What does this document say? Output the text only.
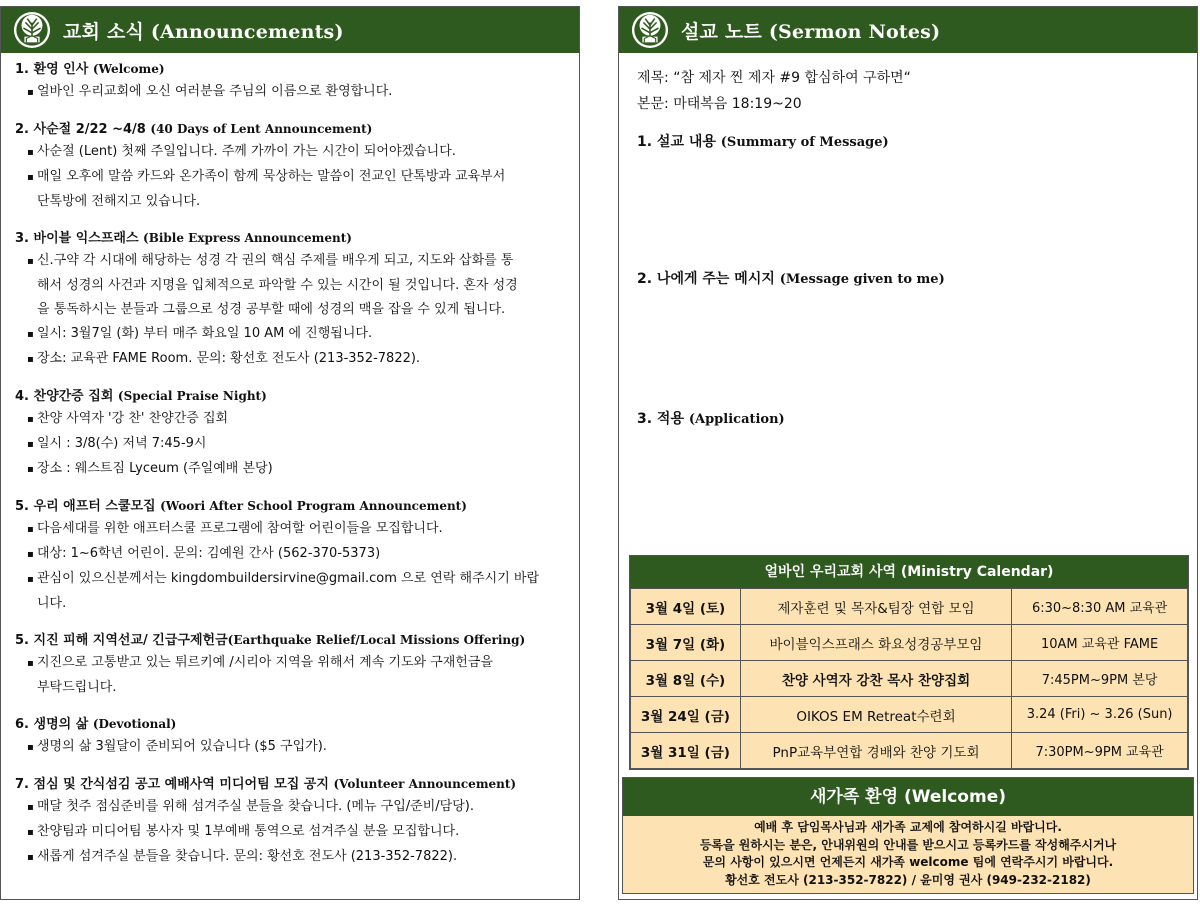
교회 소식 (Announcements)
1. 환영 인사 (Welcome)
▪ 얼바인 우리교회에 오신 여러분을 주님의 이름으로 환영합니다.
2. 사순절 2/22 ~4/8 (40 Days of Lent Announcement)
▪ 사순절 (Lent) 첫째 주일입니다. 주께 가까이 가는 시간이 되어야겠습니다.
▪ 매일 오후에 말씀 카드와 온가족이 함께 묵상하는 말씀이 전교인 단톡방과 교육부서 단톡방에 전해지고 있습니다.
3. 바이블 익스프래스 (Bible Express Announcement)
▪ 신.구약 각 시대에 해당하는 성경 각 권의 핵심 주제를 배우게 되고, 지도와 삽화를 통해서 성경의 사건과 지명을 입체적으로 파악할 수 있는 시간이 될 것입니다. 혼자 성경을 통독하시는 분들과 그룹으로 성경 공부할 때에 성경의 맥을 잡을 수 있게 됩니다.
▪ 일시: 3월7일 (화) 부터 매주 화요일 10 AM 에 진행됩니다.
▪ 장소: 교육관 FAME Room. 문의: 황선호 전도사 (213-352-7822).
4. 찬양간증 집회 (Special Praise Night)
▪ 찬양 사역자 '강 찬' 찬양간증 집회
▪ 일시 : 3/8(수) 저녁 7:45-9시
▪ 장소 : 웨스트짐 Lyceum (주일예배 본당)
5. 우리 애프터 스쿨모집 (Woori After School Program Announcement)
▪ 다음세대를 위한 애프터스쿨 프로그램에 참여할 어린이들을 모집합니다.
▪ 대상: 1~6학년 어린이. 문의: 김예원 간사 (562-370-5373)
▪ 관심이 있으신분께서는 kingdombuildersirvine@gmail.com 으로 연락 해주시기 바랍니다.
5. 지진 피해 지역선교/ 긴급구제헌금(Earthquake Relief/Local Missions Offering)
▪ 지진으로 고통받고 있는 튀르키예 /시리아 지역을 위해서 계속 기도와 구재헌금을 부탁드립니다.
6. 생명의 삶 (Devotional)
▪ 생명의 삶 3월달이 준비되어 있습니다 ($5 구입가).
7. 점심 및 간식섬김 공고 예배사역 미디어팀 모집 공지 (Volunteer Announcement)
▪ 매달 첫주 점심준비를 위해 섬겨주실 분들을 찾습니다. (메뉴 구입/준비/담당).
▪ 찬양팀과 미디어팀 봉사자 및 1부예배 통역으로 섬겨주실 분을 모집합니다.
▪ 새롭게 섬겨주실 분들을 찾습니다. 문의: 황선호 전도사 (213-352-7822).
설교 노트 (Sermon Notes)
제목: “참 제자 찐 제자 #9 합심하여 구하면“
본문: 마태복음 18:19~20
1. 설교 내용 (Summary of Message)
2. 나에게 주는 메시지 (Message given to me)
3. 적용 (Application)
얼바인 우리교회 사역 (Ministry Calendar)
3월 4일 (토)	제자훈련 및 목자&팀장 연합 모임	6:30~8:30 AM 교육관
3월 7일 (화)	바이블익스프래스 화요성경공부모임	10AM 교육관 FAME
3월 8일 (수)	찬양 사역자 강찬 목사 찬양집회	7:45PM~9PM 본당
3월 24일 (금)	OIKOS EM Retreat수련회	3.24 (Fri) ~ 3.26 (Sun)
3월 31일 (금)	PnP교육부연합 경배와 찬양 기도회	7:30PM~9PM 교육관
새가족 환영 (Welcome)
예배 후 담임목사님과 새가족 교제에 참여하시길 바랍니다.
등록을 원하시는 분은, 안내위원의 안내를 받으시고 등록카드를 작성해주시거나
문의 사항이 있으시면 언제든지 새가족 welcome 팀에 연락주시기 바랍니다.
황선호 전도사 (213-352-7822) / 윤미영 권사 (949-232-2182)
